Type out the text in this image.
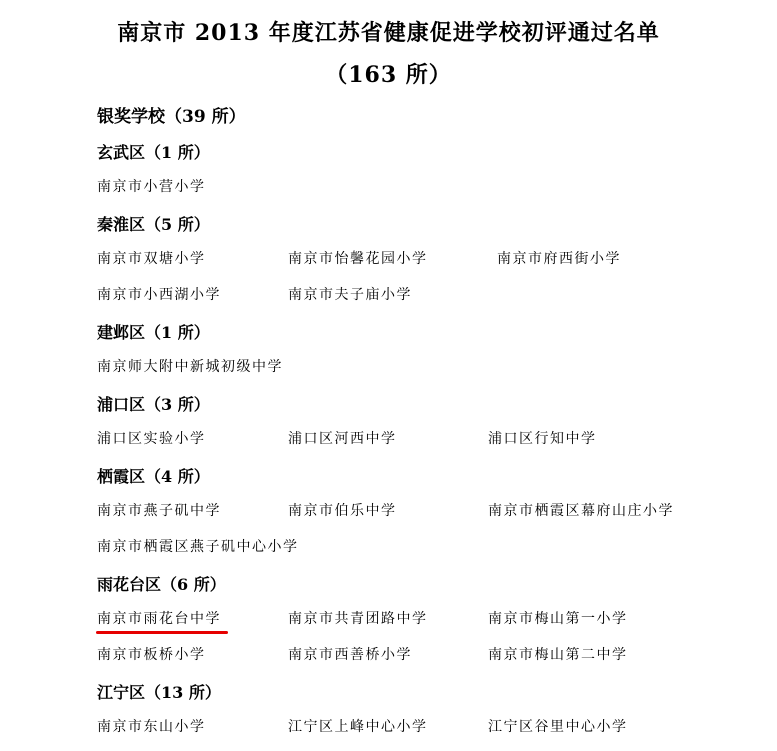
南京市 2013 年度江苏省健康促进学校初评通过名单
（163 所）
银奖学校（39 所）
玄武区（1 所）
南京市小营小学
秦淮区（5 所）
南京市双塘小学	南京市怡馨花园小学	南京市府西街小学
南京市小西湖小学	南京市夫子庙小学
建邺区（1 所）
南京师大附中新城初级中学
浦口区（3 所）
浦口区实验小学	浦口区河西中学	浦口区行知中学
栖霞区（4 所）
南京市燕子矶中学	南京市伯乐中学	南京市栖霞区幕府山庄小学
南京市栖霞区燕子矶中心小学
雨花台区（6 所）
南京市雨花台中学	南京市共青团路中学	南京市梅山第一小学
南京市板桥小学	南京市西善桥小学	南京市梅山第二中学
江宁区（13 所）
南京市东山小学	江宁区上峰中心小学	江宁区谷里中心小学
